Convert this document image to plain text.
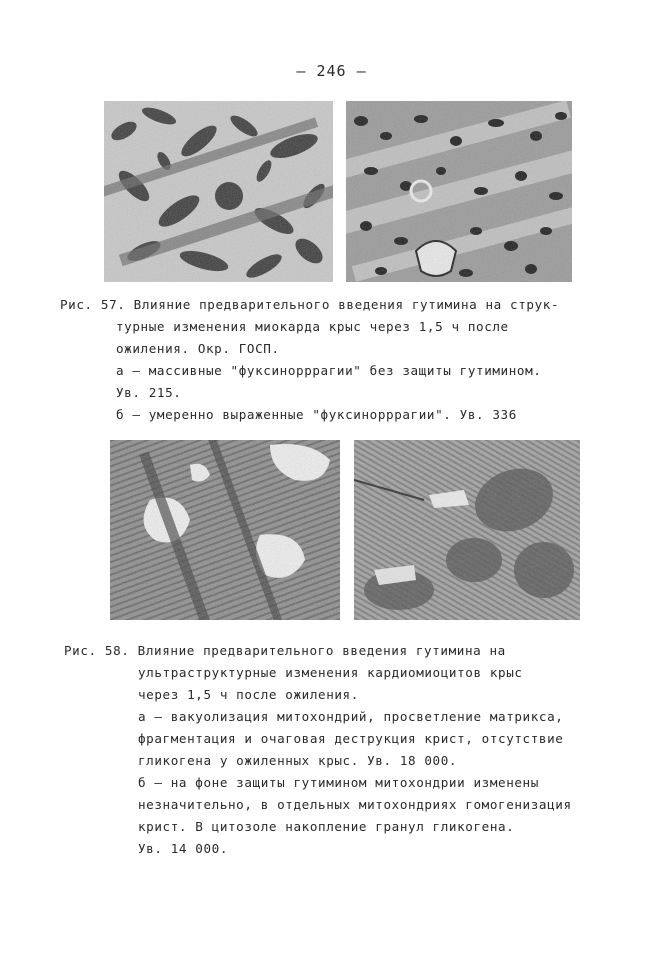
– 246 –
Рис. 57. Влияние предварительного введения гутимина на струк-
турные изменения миокарда крыс через 1,5 ч после
ожиления. Окр. ГОСП.
а – массивные "фуксинорррагии" без защиты гутимином.
Ув. 215.
б – умеренно выраженные "фуксинорррагии". Ув. 336
Рис. 58. Влияние предварительного введения гутимина на
ультраструктурные изменения кардиомиоцитов крыс
через 1,5 ч после ожиления.
а – вакуолизация митохондрий, просветление матрикса,
фрагментация и очаговая деструкция крист, отсутствие
гликогена у ожиленных крыс. Ув. 18 000.
б – на фоне защиты гутимином митохондрии изменены
незначительно, в отдельных митохондриях гомогенизация
крист. В цитозоле накопление гранул гликогена.
Ув. 14 000.
